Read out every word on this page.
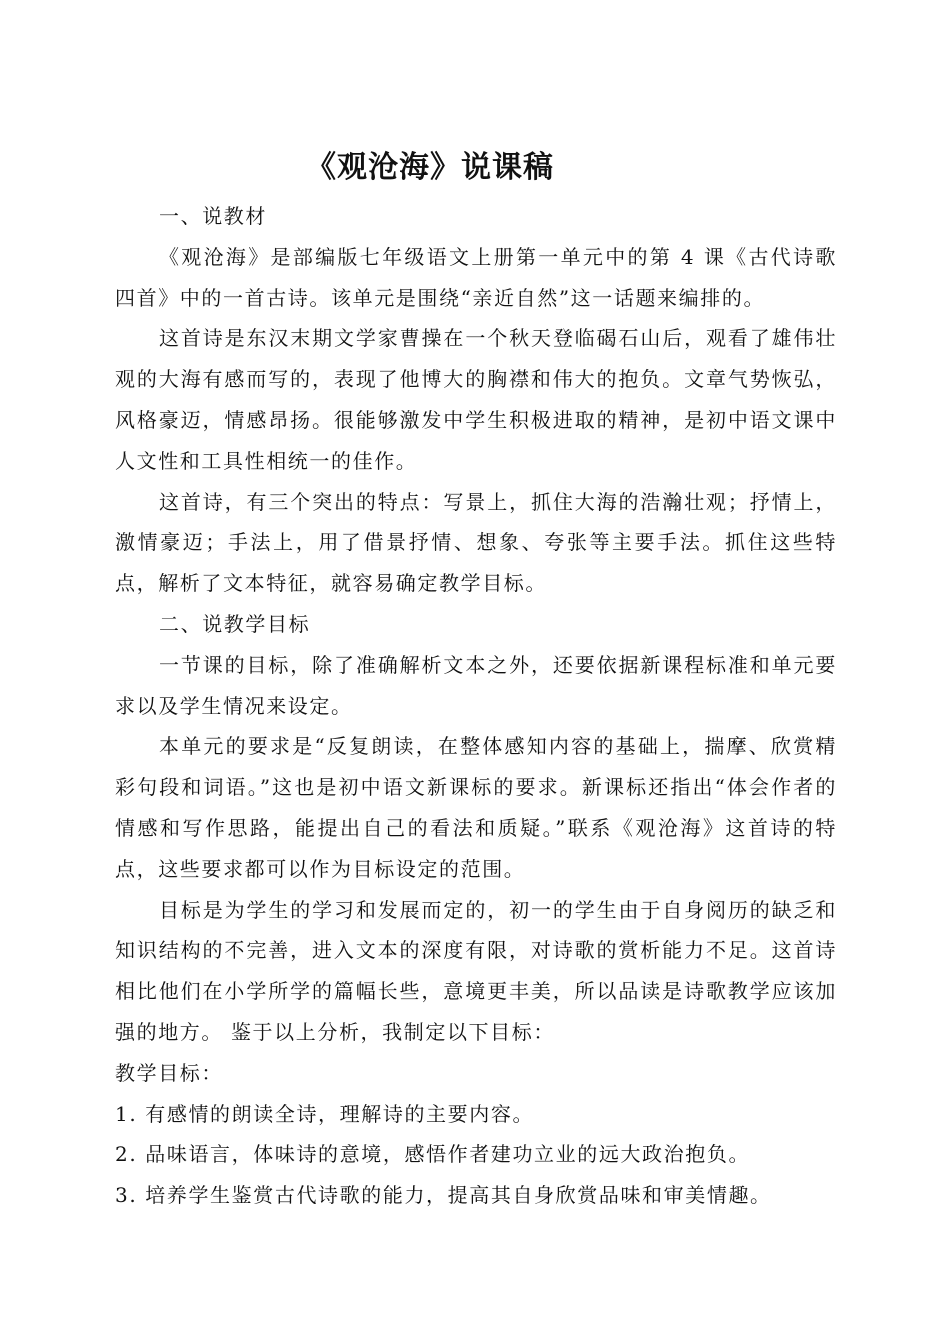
《观沧海》说课稿

一、说教材

《观沧海》是部编版七年级语文上册第一单元中的第 4 课《古代诗歌四首》中的一首古诗。该单元是围绕“亲近自然”这一话题来编排的。

这首诗是东汉末期文学家曹操在一个秋天登临碣石山后，观看了雄伟壮观的大海有感而写的，表现了他博大的胸襟和伟大的抱负。文章气势恢弘，风格豪迈，情感昂扬。很能够激发中学生积极进取的精神，是初中语文课中人文性和工具性相统一的佳作。

这首诗，有三个突出的特点：写景上，抓住大海的浩瀚壮观；抒情上，激情豪迈；手法上，用了借景抒情、想象、夸张等主要手法。抓住这些特点，解析了文本特征，就容易确定教学目标。

二、说教学目标

一节课的目标，除了准确解析文本之外，还要依据新课程标准和单元要求以及学生情况来设定。

本单元的要求是“反复朗读，在整体感知内容的基础上，揣摩、欣赏精彩句段和词语。”这也是初中语文新课标的要求。新课标还指出“体会作者的情感和写作思路，能提出自己的看法和质疑。”联系《观沧海》这首诗的特点，这些要求都可以作为目标设定的范围。

目标是为学生的学习和发展而定的，初一的学生由于自身阅历的缺乏和知识结构的不完善，进入文本的深度有限，对诗歌的赏析能力不足。这首诗相比他们在小学所学的篇幅长些，意境更丰美，所以品读是诗歌教学应该加强的地方。 鉴于以上分析，我制定以下目标：

教学目标：

1. 有感情的朗读全诗，理解诗的主要内容。

2. 品味语言，体味诗的意境，感悟作者建功立业的远大政治抱负。

3. 培养学生鉴赏古代诗歌的能力，提高其自身欣赏品味和审美情趣。
